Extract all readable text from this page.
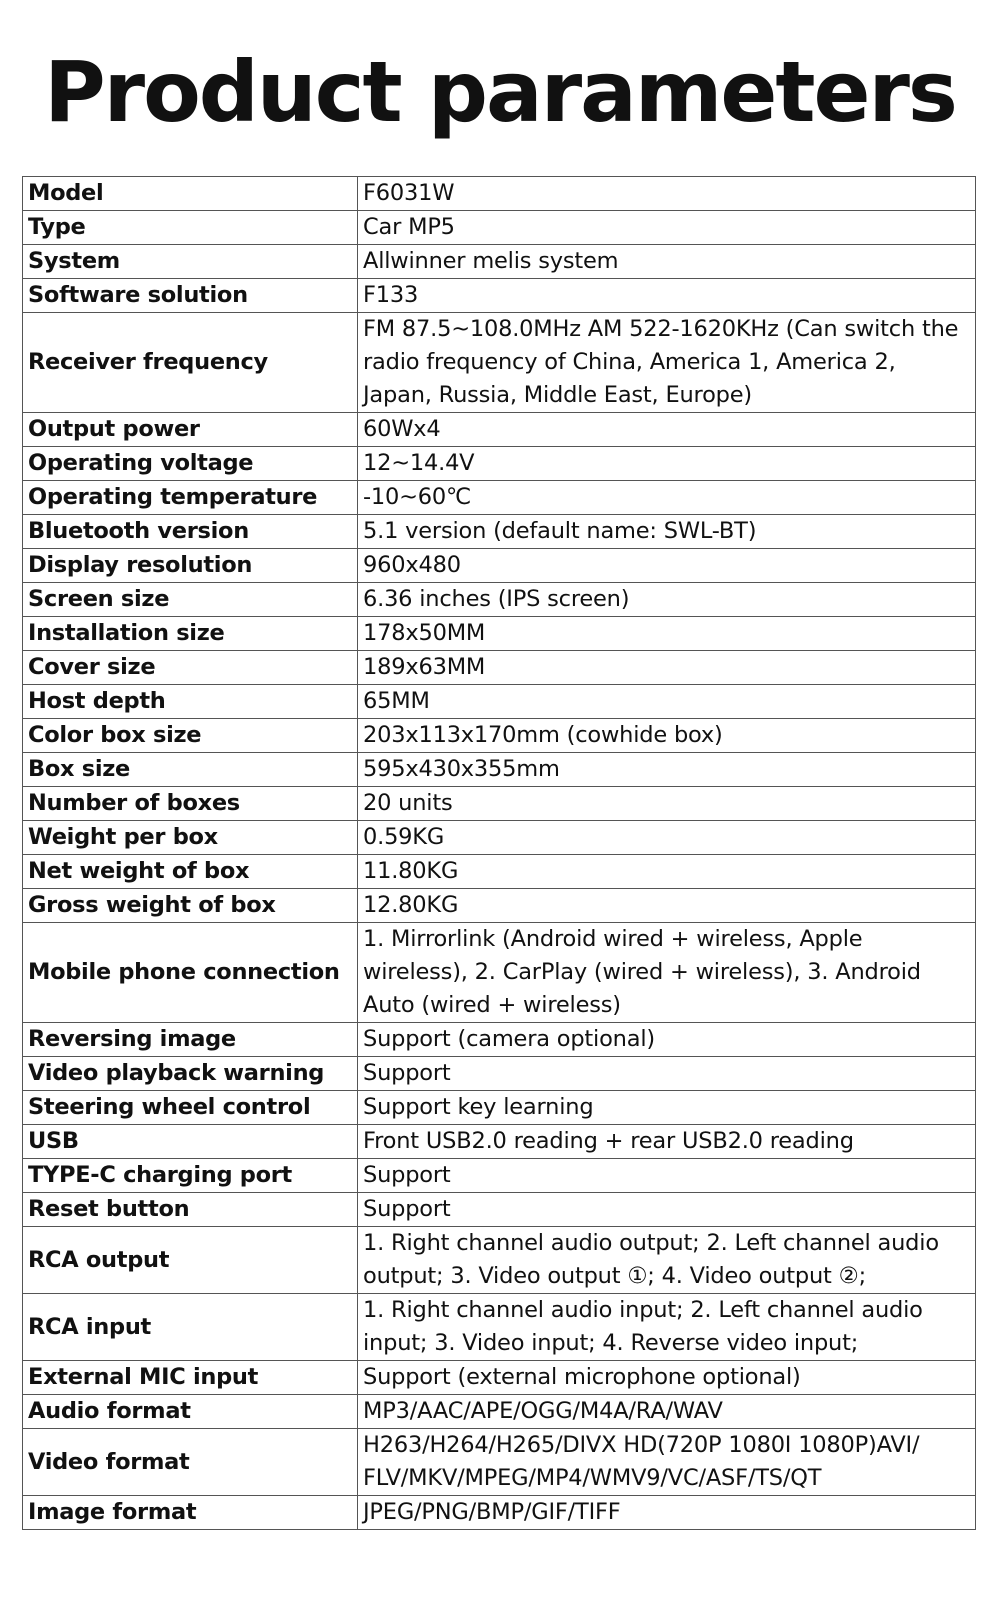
Product parameters
Model	F6031W
Type	Car MP5
System	Allwinner melis system
Software solution	F133
Receiver frequency	FM 87.5~108.0MHz AM 522-1620KHz (Can switch the radio frequency of China, America 1, America 2, Japan, Russia, Middle East, Europe)
Output power	60Wx4
Operating voltage	12~14.4V
Operating temperature	-10~60℃
Bluetooth version	5.1 version (default name: SWL-BT)
Display resolution	960x480
Screen size	6.36 inches (IPS screen)
Installation size	178x50MM
Cover size	189x63MM
Host depth	65MM
Color box size	203x113x170mm (cowhide box)
Box size	595x430x355mm
Number of boxes	20 units
Weight per box	0.59KG
Net weight of box	11.80KG
Gross weight of box	12.80KG
Mobile phone connection	1. Mirrorlink (Android wired + wireless, Apple wireless), 2. CarPlay (wired + wireless), 3. Android Auto (wired + wireless)
Reversing image	Support (camera optional)
Video playback warning	Support
Steering wheel control	Support key learning
USB	Front USB2.0 reading + rear USB2.0 reading
TYPE-C charging port	Support
Reset button	Support
RCA output	1. Right channel audio output; 2. Left channel audio output; 3. Video output ①; 4. Video output ②;
RCA input	1. Right channel audio input; 2. Left channel audio input; 3. Video input; 4. Reverse video input;
External MIC input	Support (external microphone optional)
Audio format	MP3/AAC/APE/OGG/M4A/RA/WAV
Video format	H263/H264/H265/DIVX HD(720P 1080I 1080P)AVI/ FLV/MKV/MPEG/MP4/WMV9/VC/ASF/TS/QT
Image format	JPEG/PNG/BMP/GIF/TIFF
